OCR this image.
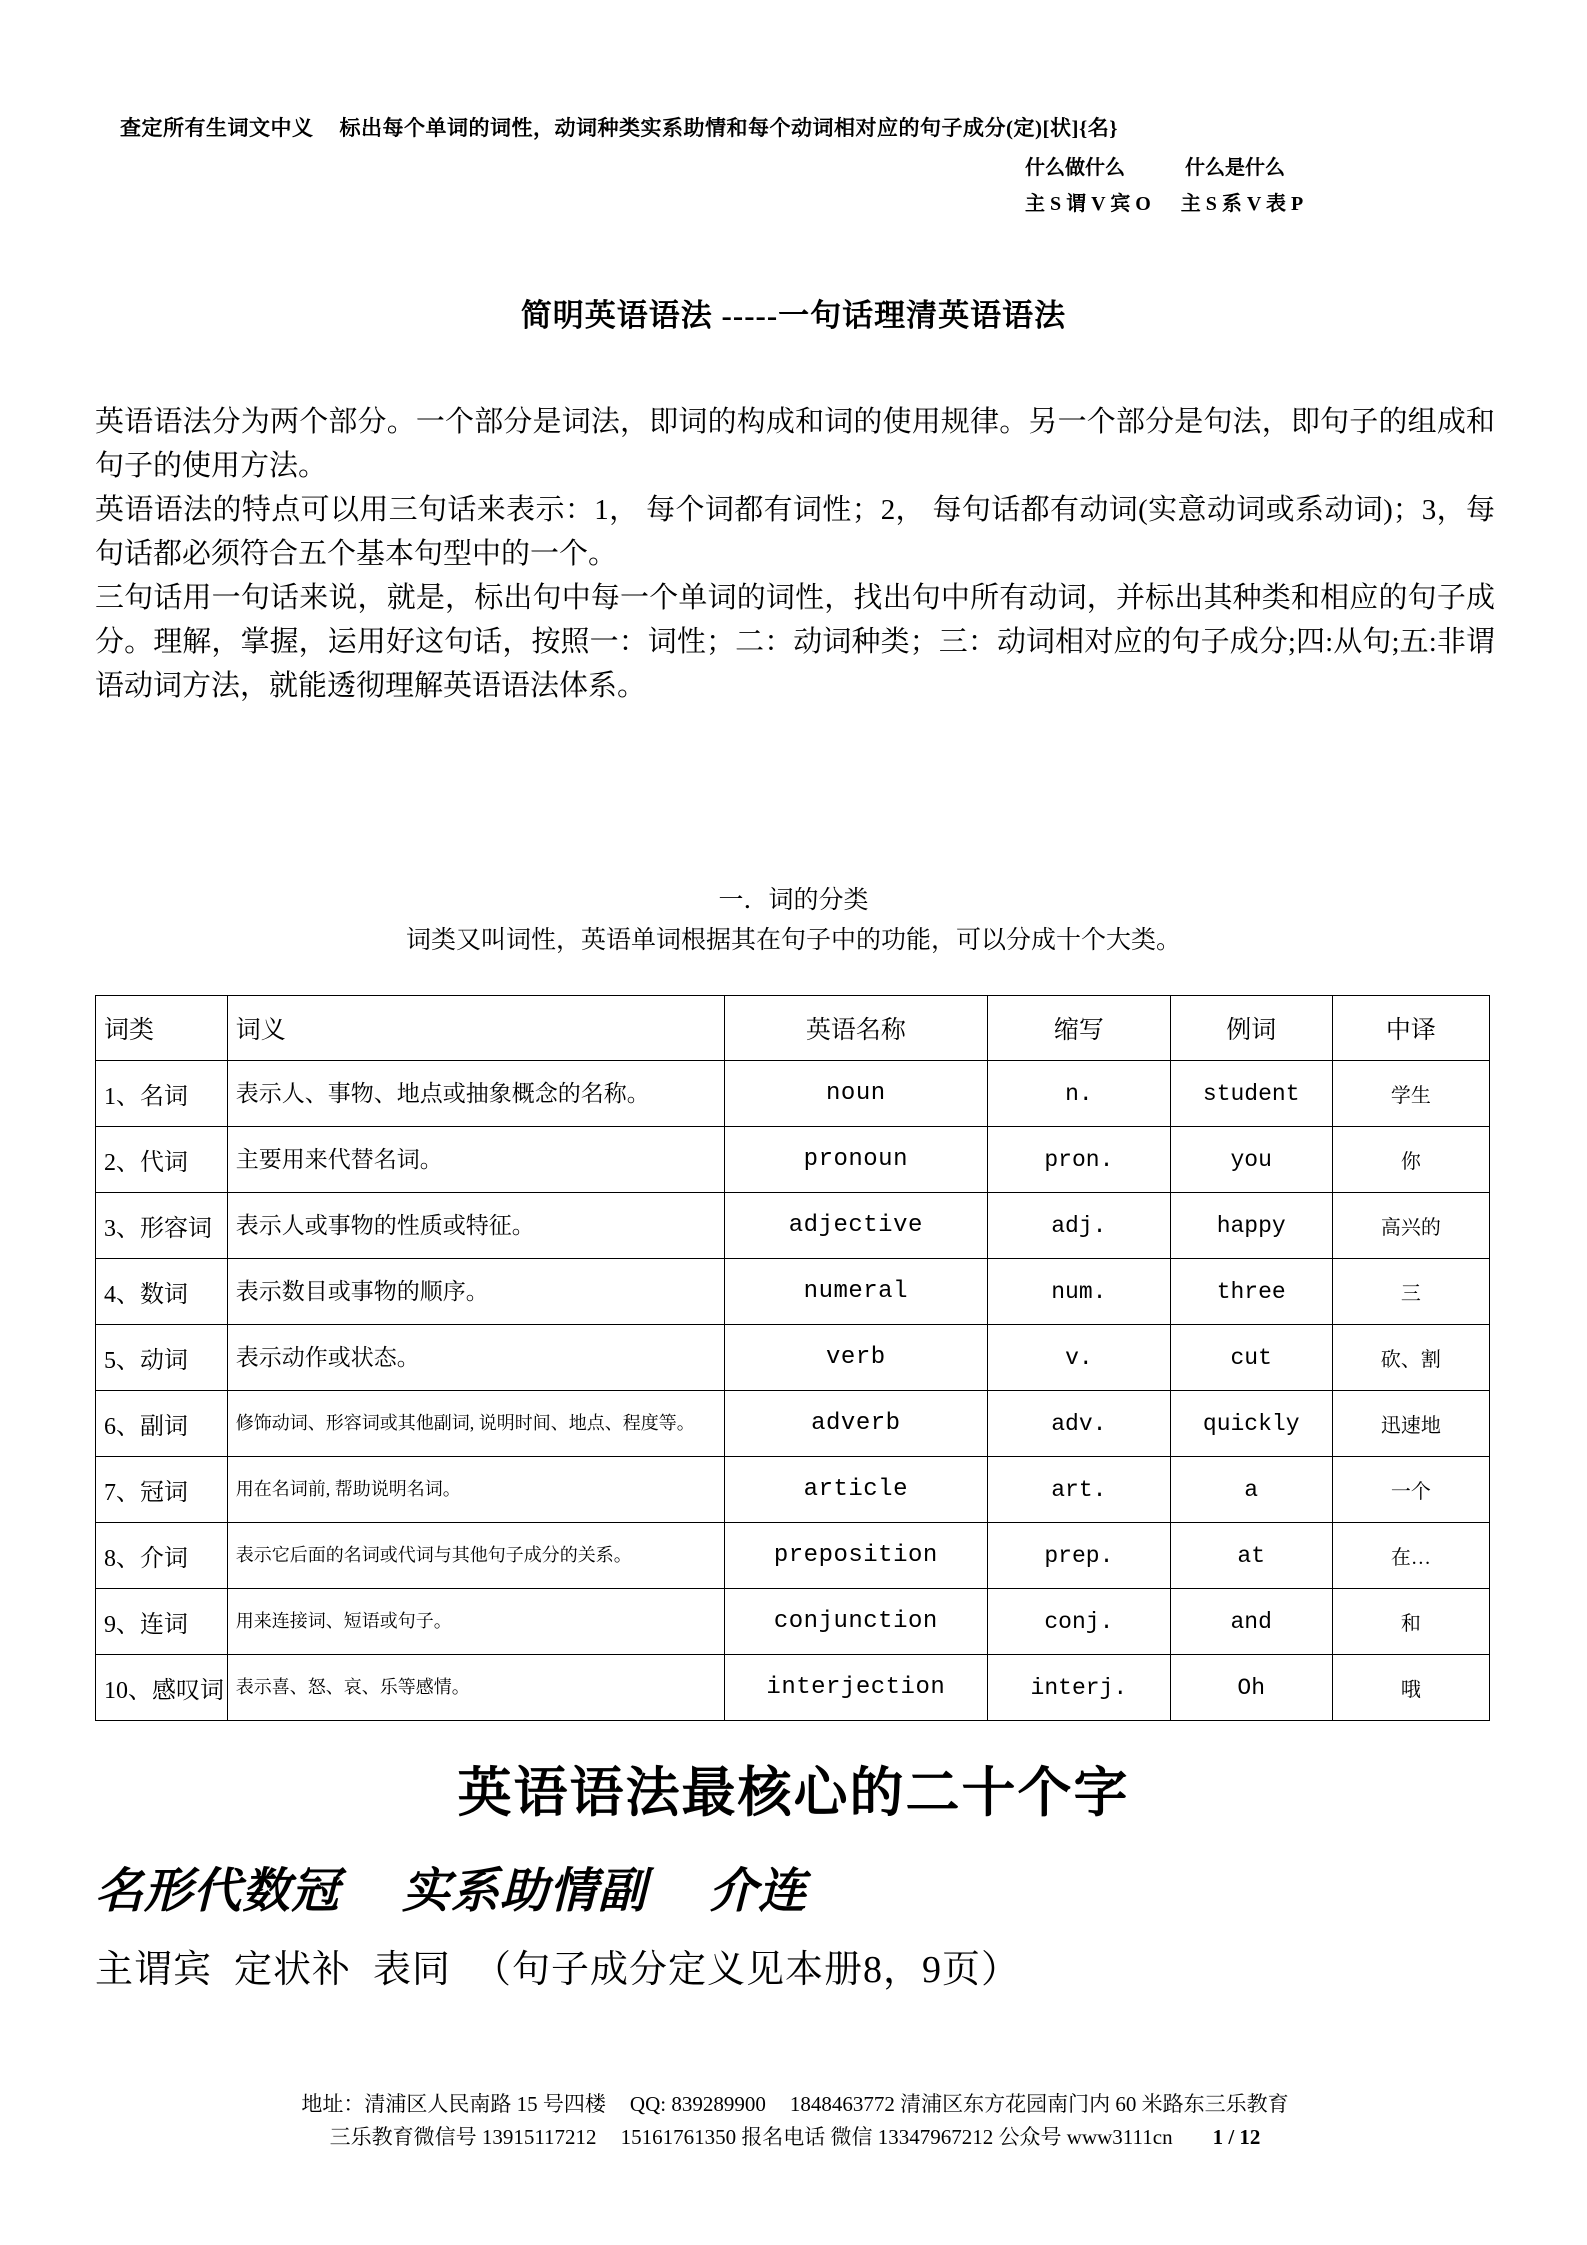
查定所有生词文中义 标出每个单词的词性，动词种类实系助情和每个动词相对应的句子成分(定)[状]{名}
什么做什么	什么是什么
主 S 谓 V 宾 O 主 S 系 V 表 P
简明英语语法 -----一句话理清英语语法

英语语法分为两个部分。一个部分是词法，即词的构成和词的使用规律。另一个部分是句法，即句子的组成和句子的使用方法。

英语语法的特点可以用三句话来表示：1， 每个词都有词性；2， 每句话都有动词(实意动词或系动词)；3，每句话都必须符合五个基本句型中的一个。

三句话用一句话来说，就是，标出句中每一个单词的词性，找出句中所有动词，并标出其种类和相应的句子成分。理解，掌握，运用好这句话，按照一：词性；二：动词种类；三：动词相对应的句子成分;四:从句;五:非谓语动词方法，就能透彻理解英语语法体系。

一．词的分类
词类又叫词性，英语单词根据其在句子中的功能，可以分成十个大类。
词类	词义	英语名称	缩写	例词	中译
1、名词	表示人、事物、地点或抽象概念的名称。	noun	n.	student	学生
2、代词	主要用来代替名词。	pronoun	pron.	you	你
3、形容词	表示人或事物的性质或特征。	adjective	adj.	happy	高兴的
4、数词	表示数目或事物的顺序。	numeral	num.	three	三
5、动词	表示动作或状态。	verb	v.	cut	砍、割
6、副词	修饰动词、形容词或其他副词, 说明时间、地点、程度等。	adverb	adv.	quickly	迅速地
7、冠词	用在名词前, 帮助说明名词。	article	art.	a	一个
8、介词	表示它后面的名词或代词与其他句子成分的关系。	preposition	prep.	at	在…
9、连词	用来连接词、短语或句子。	conjunction	conj.	and	和
10、感叹词	表示喜、怒、哀、乐等感情。	interjection	interj.	Oh	哦
英语语法最核心的二十个字
名形代数冠 实系助情副 介连
主谓宾 定状补 表同 （句子成分定义见本册8，9页）
地址：清浦区人民南路 15 号四楼 QQ: 839289900 1848463772 清浦区东方花园南门内 60 米路东三乐教育
三乐教育微信号 13915117212 15161761350 报名电话 微信 13347967212 公众号 www3111cn 1 / 12
